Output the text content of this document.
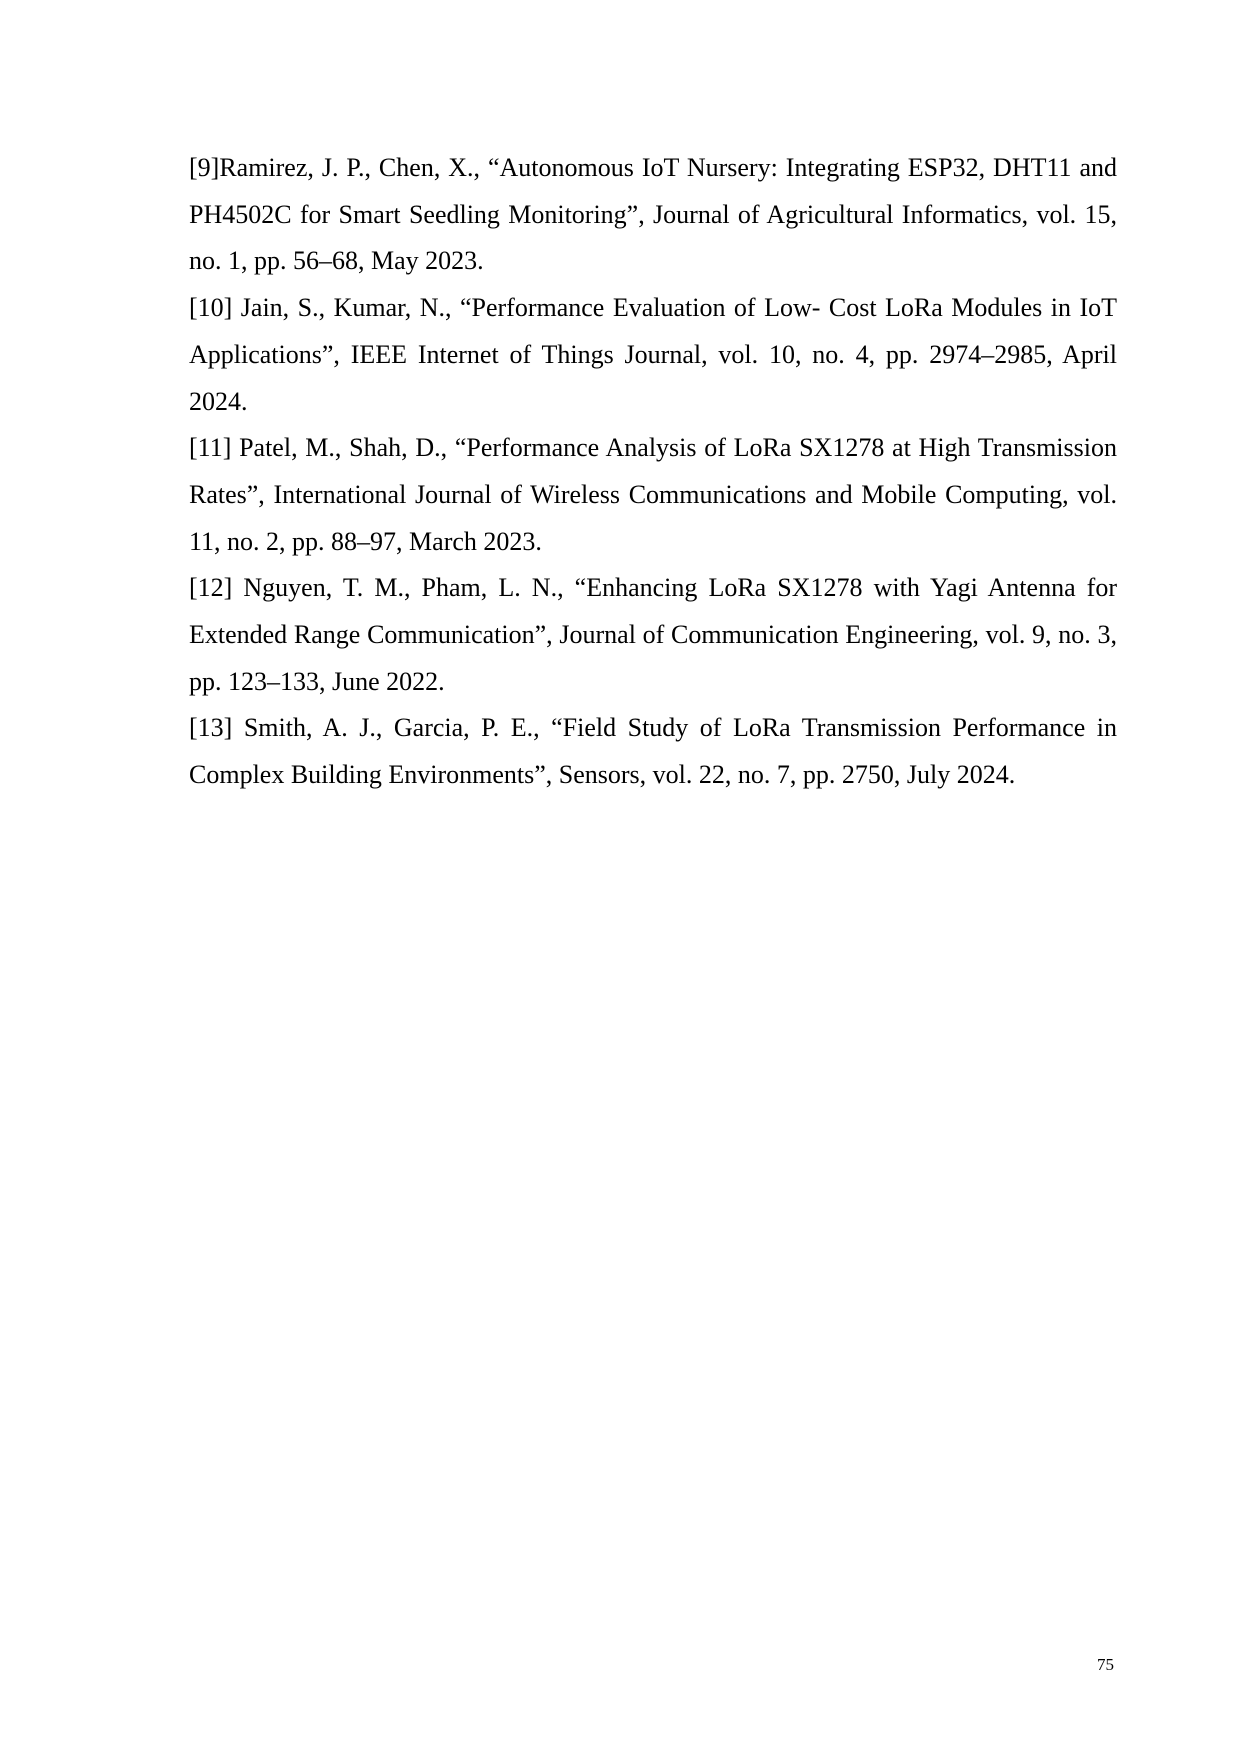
[9]Ramirez, J. P., Chen, X., “Autonomous IoT Nursery: Integrating ESP32, DHT11 and PH4502C for Smart Seedling Monitoring”, Journal of Agricultural Informatics, vol. 15, no. 1, pp. 56–68, May 2023.

[10] Jain, S., Kumar, N., “Performance Evaluation of Low- Cost LoRa Modules in IoT Applications”, IEEE Internet of Things Journal, vol. 10, no. 4, pp. 2974–2985, April 2024.

[11] Patel, M., Shah, D., “Performance Analysis of LoRa SX1278 at High Transmission Rates”, International Journal of Wireless Communications and Mobile Computing, vol. 11, no. 2, pp. 88–97, March 2023.

[12] Nguyen, T. M., Pham, L. N., “Enhancing LoRa SX1278 with Yagi Antenna for Extended Range Communication”, Journal of Communication Engineering, vol. 9, no. 3, pp. 123–133, June 2022.

[13] Smith, A. J., Garcia, P. E., “Field Study of LoRa Transmission Performance in Complex Building Environments”, Sensors, vol. 22, no. 7, pp. 2750, July 2024.

75
